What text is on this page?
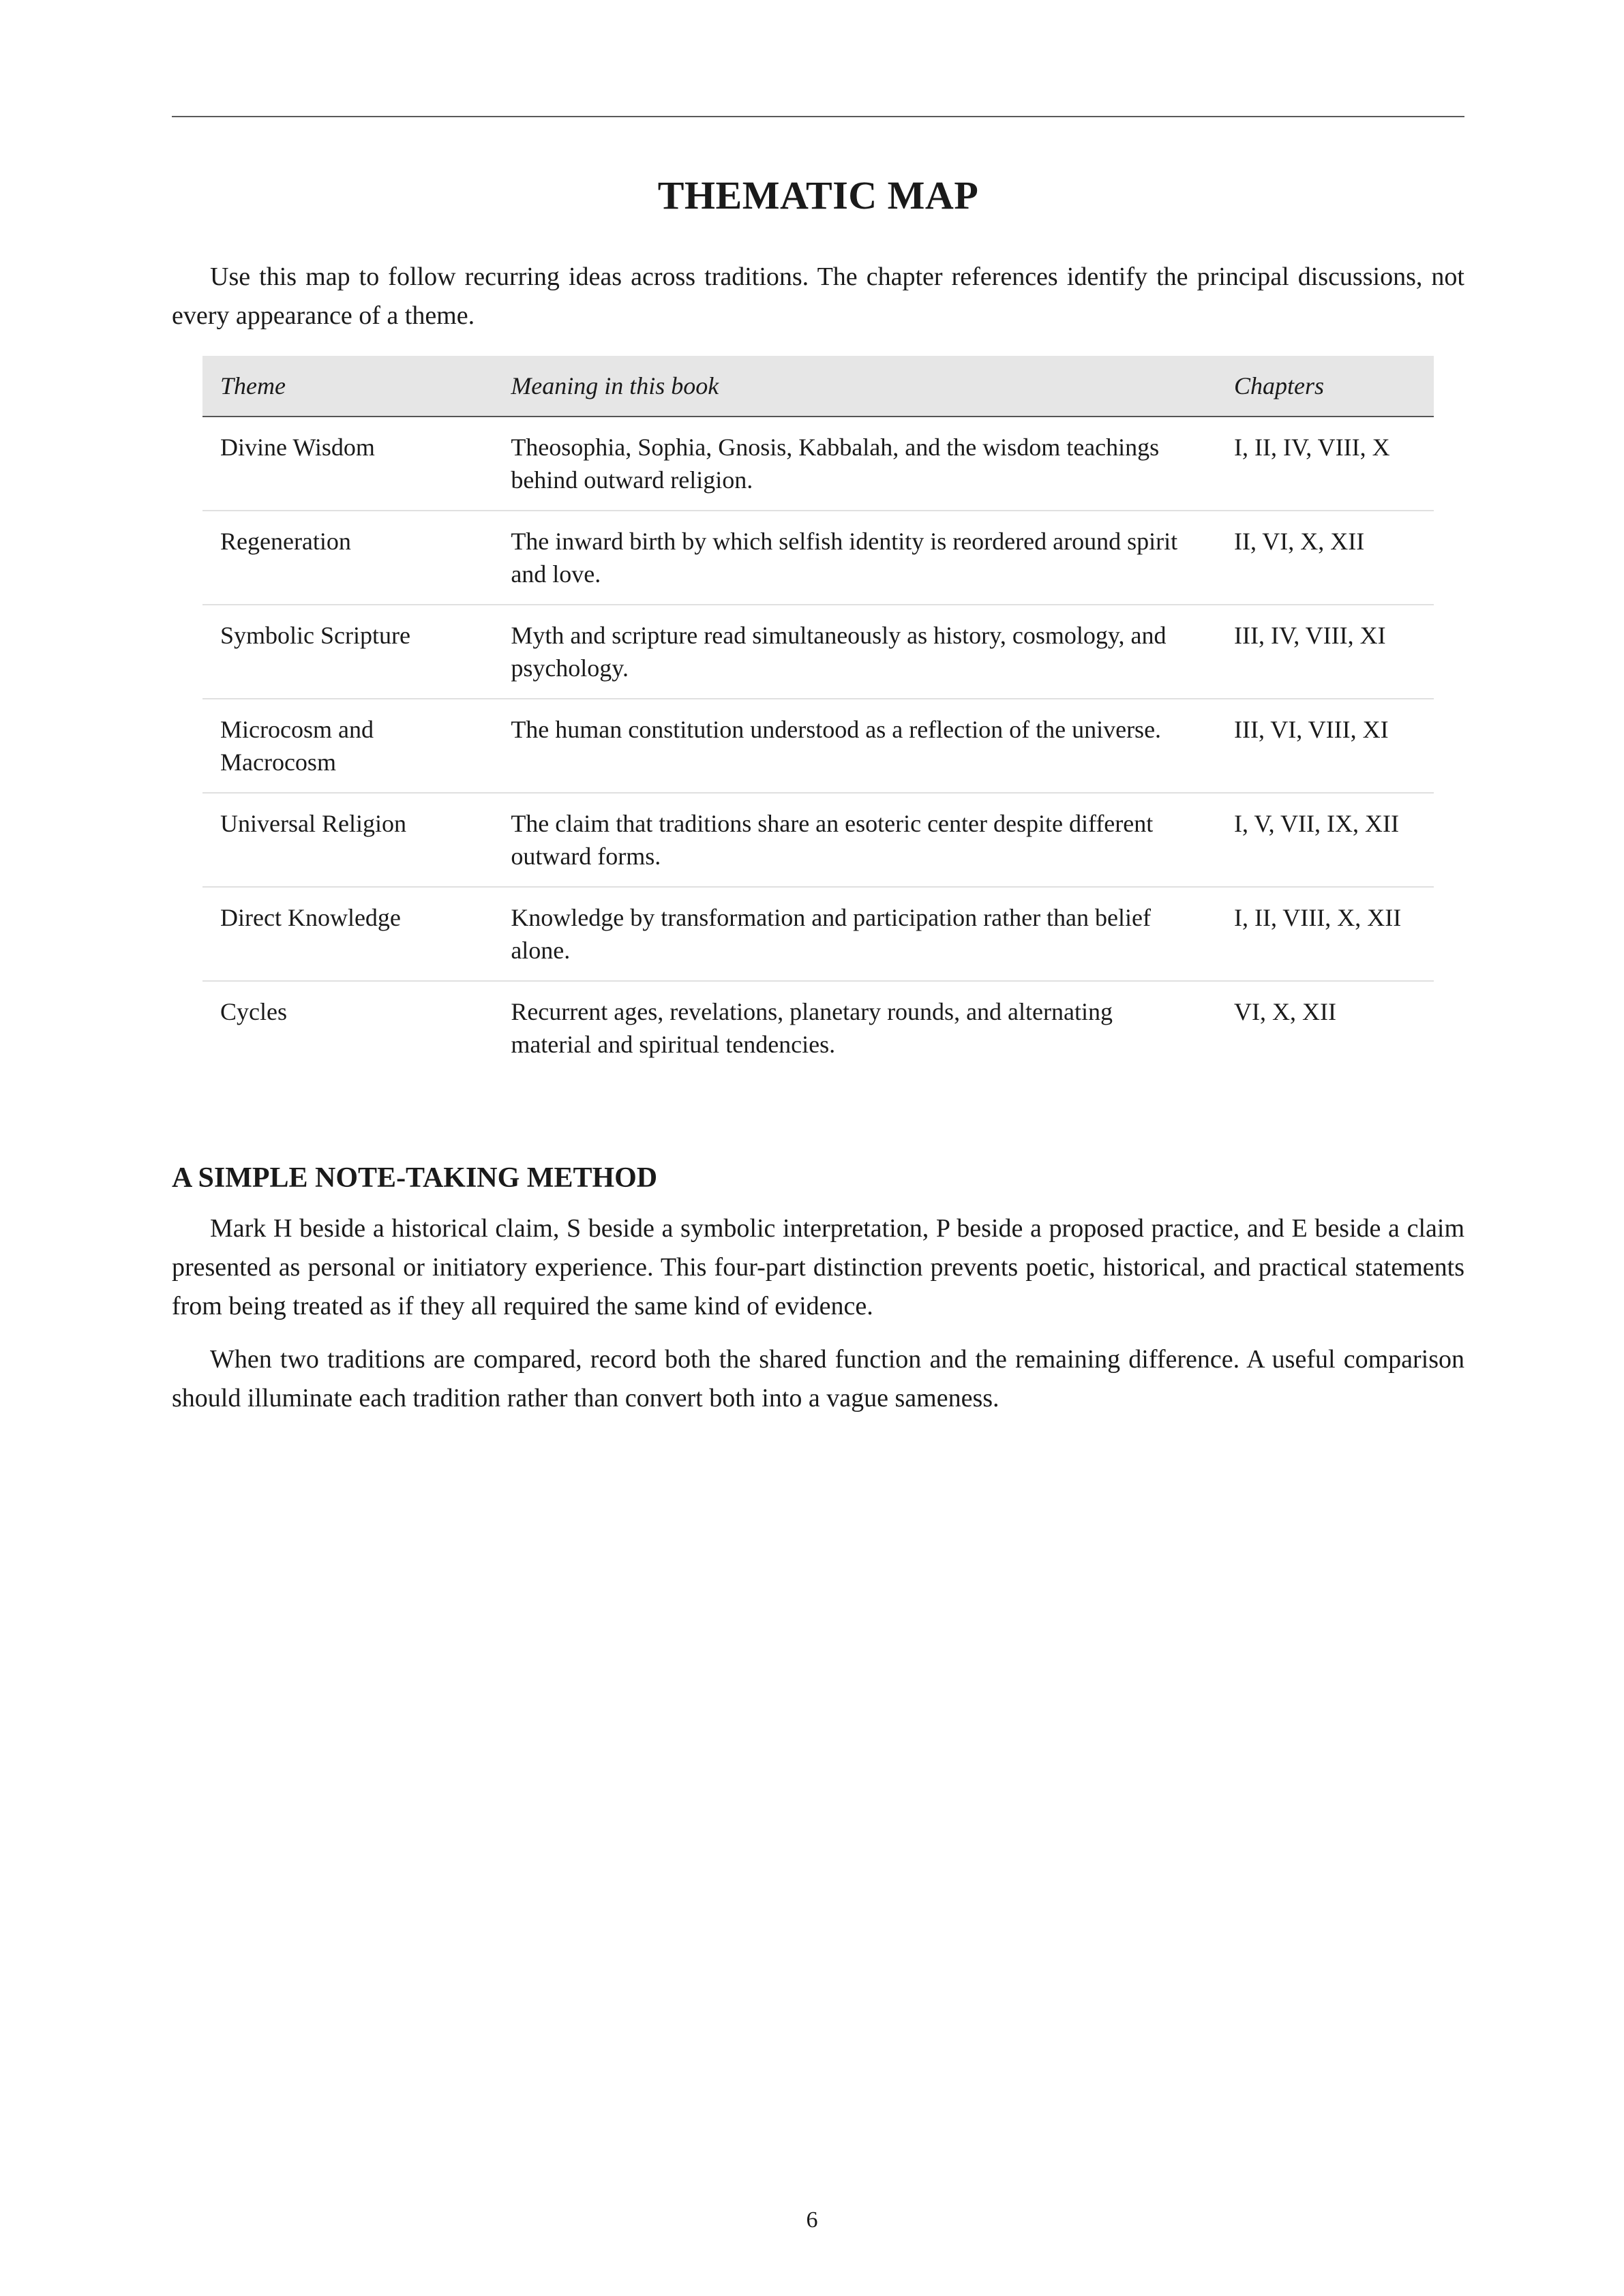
THEMATIC MAP

Use this map to follow recurring ideas across traditions. The chapter references identify the principal discussions, not every appearance of a theme.

Theme	Meaning in this book	Chapters
Divine Wisdom	Theosophia, Sophia, Gnosis, Kabbalah, and the wisdom teachings behind outward religion.	I, II, IV, VIII, X
Regeneration	The inward birth by which selfish identity is reordered around spirit and love.	II, VI, X, XII
Symbolic Scripture	Myth and scripture read simultaneously as history, cosmology, and psychology.	III, IV, VIII, XI
Microcosm and Macrocosm	The human constitution understood as a reflection of the universe.	III, VI, VIII, XI
Universal Religion	The claim that traditions share an esoteric center despite different outward forms.	I, V, VII, IX, XII
Direct Knowledge	Knowledge by transformation and participation rather than belief alone.	I, II, VIII, X, XII
Cycles	Recurrent ages, revelations, planetary rounds, and alternating material and spiritual tendencies.	VI, X, XII
A SIMPLE NOTE-TAKING METHOD

Mark H beside a historical claim, S beside a symbolic interpretation, P beside a proposed practice, and E beside a claim presented as personal or initiatory experience. This four-part distinction prevents poetic, historical, and practical statements from being treated as if they all required the same kind of evidence.

When two traditions are compared, record both the shared function and the remaining difference. A useful comparison should illuminate each tradition rather than convert both into a vague sameness.

6
